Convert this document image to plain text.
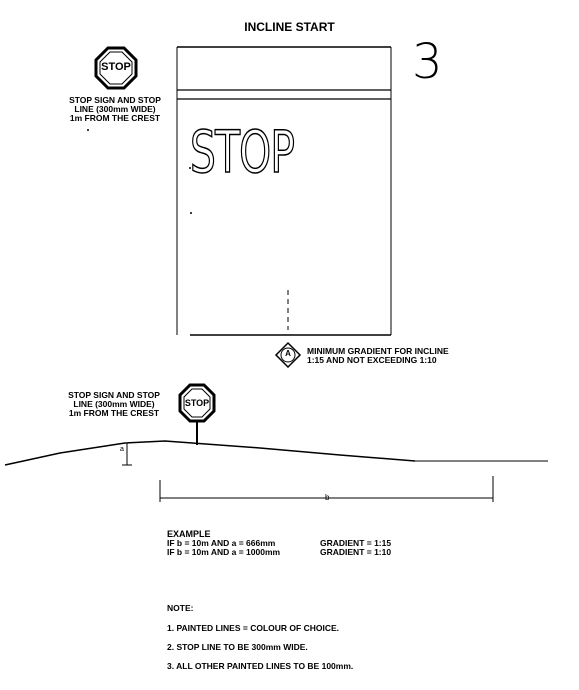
INCLINE START
3
STOP
STOP SIGN AND STOP
LINE (300mm WIDE)
1m FROM THE CREST STOP
A	MINIMUM GRADIENT FOR INCLINE
1:15 AND NOT EXCEEDING 1:10
STOP SIGN AND STOP
LINE (300mm WIDE)
1m FROM THE CREST
STOP
a
b
EXAMPLE
IF b = 10m AND a = 666mm
IF b = 10m AND a = 1000mm
GRADIENT = 1:15
GRADIENT = 1:10
NOTE:
1. PAINTED LINES = COLOUR OF CHOICE.
2. STOP LINE TO BE 300mm WIDE.
3. ALL OTHER PAINTED LINES TO BE 100mm.
